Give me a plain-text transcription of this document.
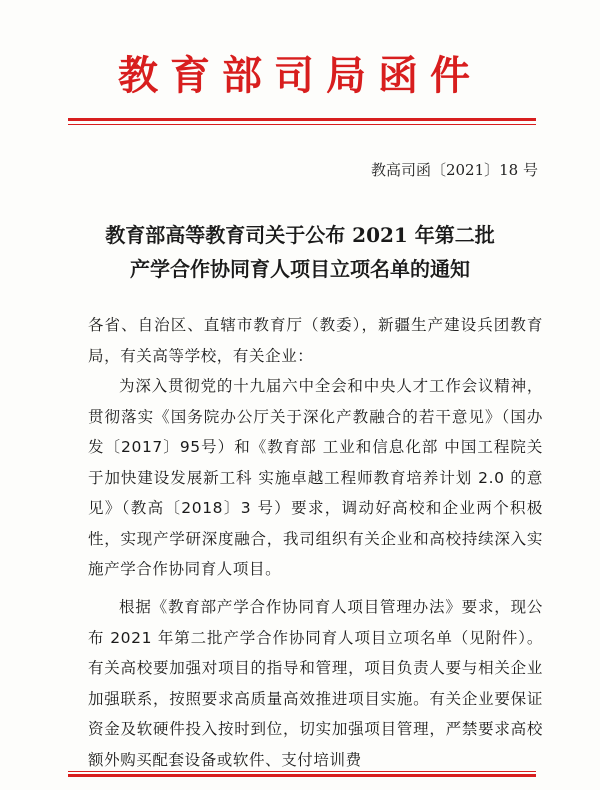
教育部司局函件
教高司函〔2021〕18 号
教育部高等教育司关于公布 2021 年第二批
产学合作协同育人项目立项名单的通知
各省、自治区、直辖市教育厅（教委），新疆生产建设兵团教育局，有关高等学校，有关企业：
为深入贯彻党的十九届六中全会和中央人才工作会议精神，贯彻落实《国务院办公厅关于深化产教融合的若干意见》（国办发〔2017〕95号）和《教育部 工业和信息化部 中国工程院关于加快建设发展新工科 实施卓越工程师教育培养计划 2.0 的意见》（教高〔2018〕3 号）要求，调动好高校和企业两个积极性，实现产学研深度融合，我司组织有关企业和高校持续深入实施产学合作协同育人项目。
根据《教育部产学合作协同育人项目管理办法》要求，现公布 2021 年第二批产学合作协同育人项目立项名单（见附件）。有关高校要加强对项目的指导和管理，项目负责人要与相关企业加强联系，按照要求高质量高效推进项目实施。有关企业要保证资金及软硬件投入按时到位，切实加强项目管理，严禁要求高校额外购买配套设备或软件、支付培训费
